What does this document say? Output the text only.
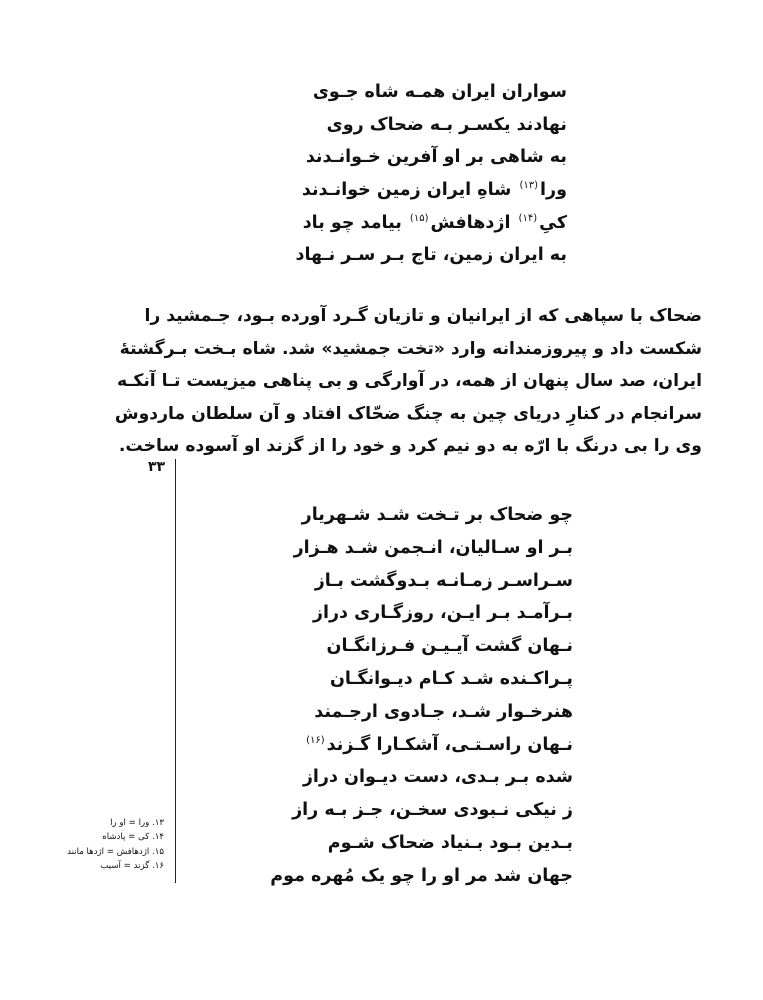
سواران ایران همـه شاه جـوی
نهادند یکسـر بـه ضحاک روی
به شاهی بر او آفرین خـوانـدند
ورا$^{(۱۳)}$ شاهِ ایران زمین خوانـدند
کیِ$^{(۱۴)}$ اژدهافش$^{(۱۵)}$ بیامد چو باد
به ایران زمین، تاج بـر سـر نـهاد
ضحاک با سپاهی که از ایرانیان و تازیان گـرد آورده بـود، جـمشید را
شکست داد و پیروزمندانه وارد «تخت جمشید» شد. شاه بـخت بـرگشتهٔ
ایران، صد سال پنهان از همه، در آوارگی و بی پناهی میزیست تـا آنکـه
سرانجام در کنارِ دریای چین به چنگ ضحّاک افتاد و آن سلطان ماردوش
وی را بی درنگ با ارّه به دو نیم کرد و خود را از گزند او آسوده ساخت.
۳۳
چو ضحاک بر تـخت شـد شـهریار
بـر او سـالیان، انـجمن شـد هـزار
سـراسـر زمـانـه بـدوگشت بـاز
بـرآمـد بـر ایـن، روزگـاری دراز
نـهان گشت آیـیـن فـرزانگـان
پـراکـنده شـد کـام دیـوانگـان
هنرخـوار شـد، جـادوی ارجـمند
نـهان راسـتـی، آشکـارا گـزند$^{(۱۶)}$
شده بـر بـدی، دست دیـوان دراز
ز نیکی نـبودی سخـن، جـز بـه راز
بـدین بـود بـنیاد ضحاک شـوم
جهان شد مر او را چو یک مُهره موم
۱۳. ورا = او را
۱۴. کی = پادشاه
۱۵. اژدهافش = اژدها مانند
۱۶. گزند = آسیب
